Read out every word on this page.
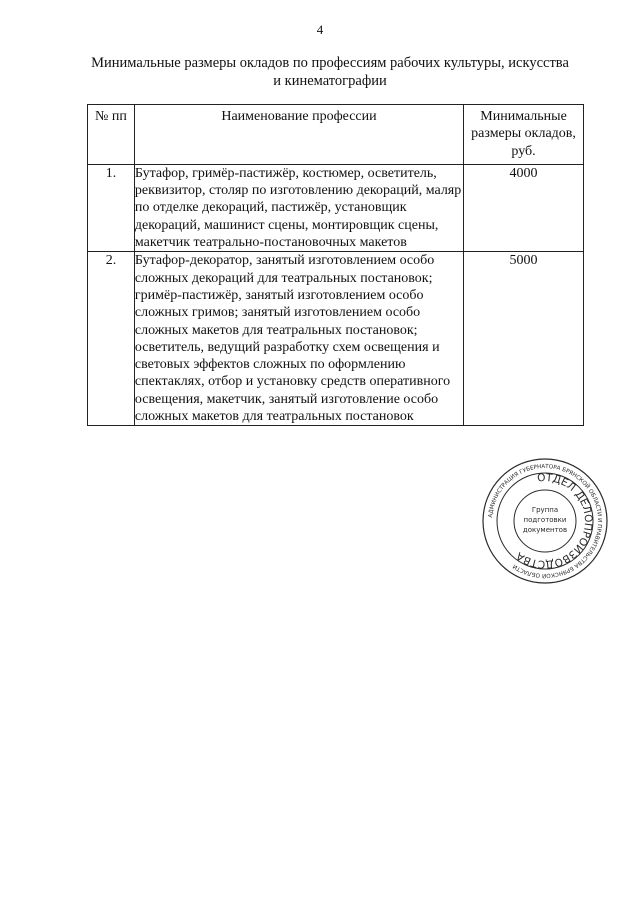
4
Минимальные размеры окладов по профессиям рабочих культуры, искусства
и кинематографии
№ пп	Наименование профессии	Минимальные размеры окладов, руб.

1.	Бутафор, гримёр-пастижёр, костюмер, осветитель, реквизитор, столяр по изготовлению декораций, маляр по отделке декораций, пастижёр, установщик декораций, машинист сцены, монтировщик сцены, макетчик театрально-постановочных макетов	4000
2.	Бутафор-декоратор, занятый изготовлением особо сложных декораций для театральных постановок; гримёр-пастижёр, занятый изготовлением особо сложных гримов; занятый изготовлением особо сложных макетов для театральных постановок; осветитель, ведущий разработку схем освещения и световых эффектов сложных по оформлению спектаклях, отбор и установку средств оперативного освещения, макетчик, занятый изготовление особо сложных макетов для театральных постановок	5000
АДМИНИСТРАЦИЯ ГУБЕРНАТОРА БРЯНСКОЙ ОБЛАСТИ И ПРАВИТЕЛЬСТВА БРЯНСКОЙ ОБЛАСТИ
ОТДЕЛ ДЕЛОПРОИЗВОДСТВА
Группа
подготовки
документов
